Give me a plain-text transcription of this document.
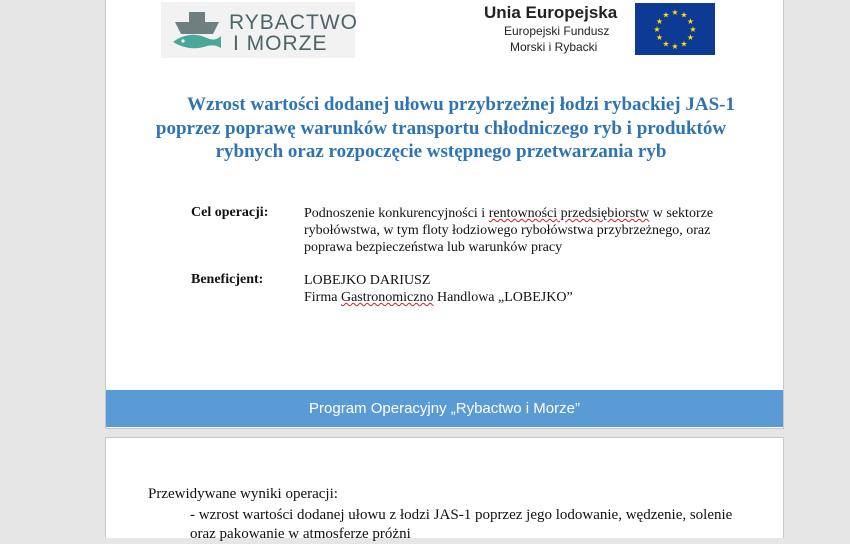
RYBACTWO
I MORZE
Unia Europejska
Europejski Fundusz
Morski i Rybacki
★ ★
★
★
★
★
★
★
★
★
★
★
Wzrost wartości dodanej ułowu przybrzeżnej łodzi rybackiej JAS-1 poprzez poprawę warunków transportu chłodniczego ryb i produktów rybnych oraz rozpoczęcie wstępnego przetwarzania ryb
Cel operacji:	Podnoszenie konkurencyjności i rentowności przedsiębiorstw w sektorze rybołówstwa, w tym floty łodziowego rybołówstwa przybrzeżnego, oraz poprawa bezpieczeństwa lub warunków pracy
Beneficjent:	LOBEJKO DARIUSZ
Firma Gastronomiczno Handlowa „LOBEJKO”
Program Operacyjny „Rybactwo i Morze”
Przewidywane wyniki operacji:
- wzrost wartości dodanej ułowu z łodzi JAS-1 poprzez jego lodowanie, wędzenie, solenie oraz pakowanie w atmosferze próżni
